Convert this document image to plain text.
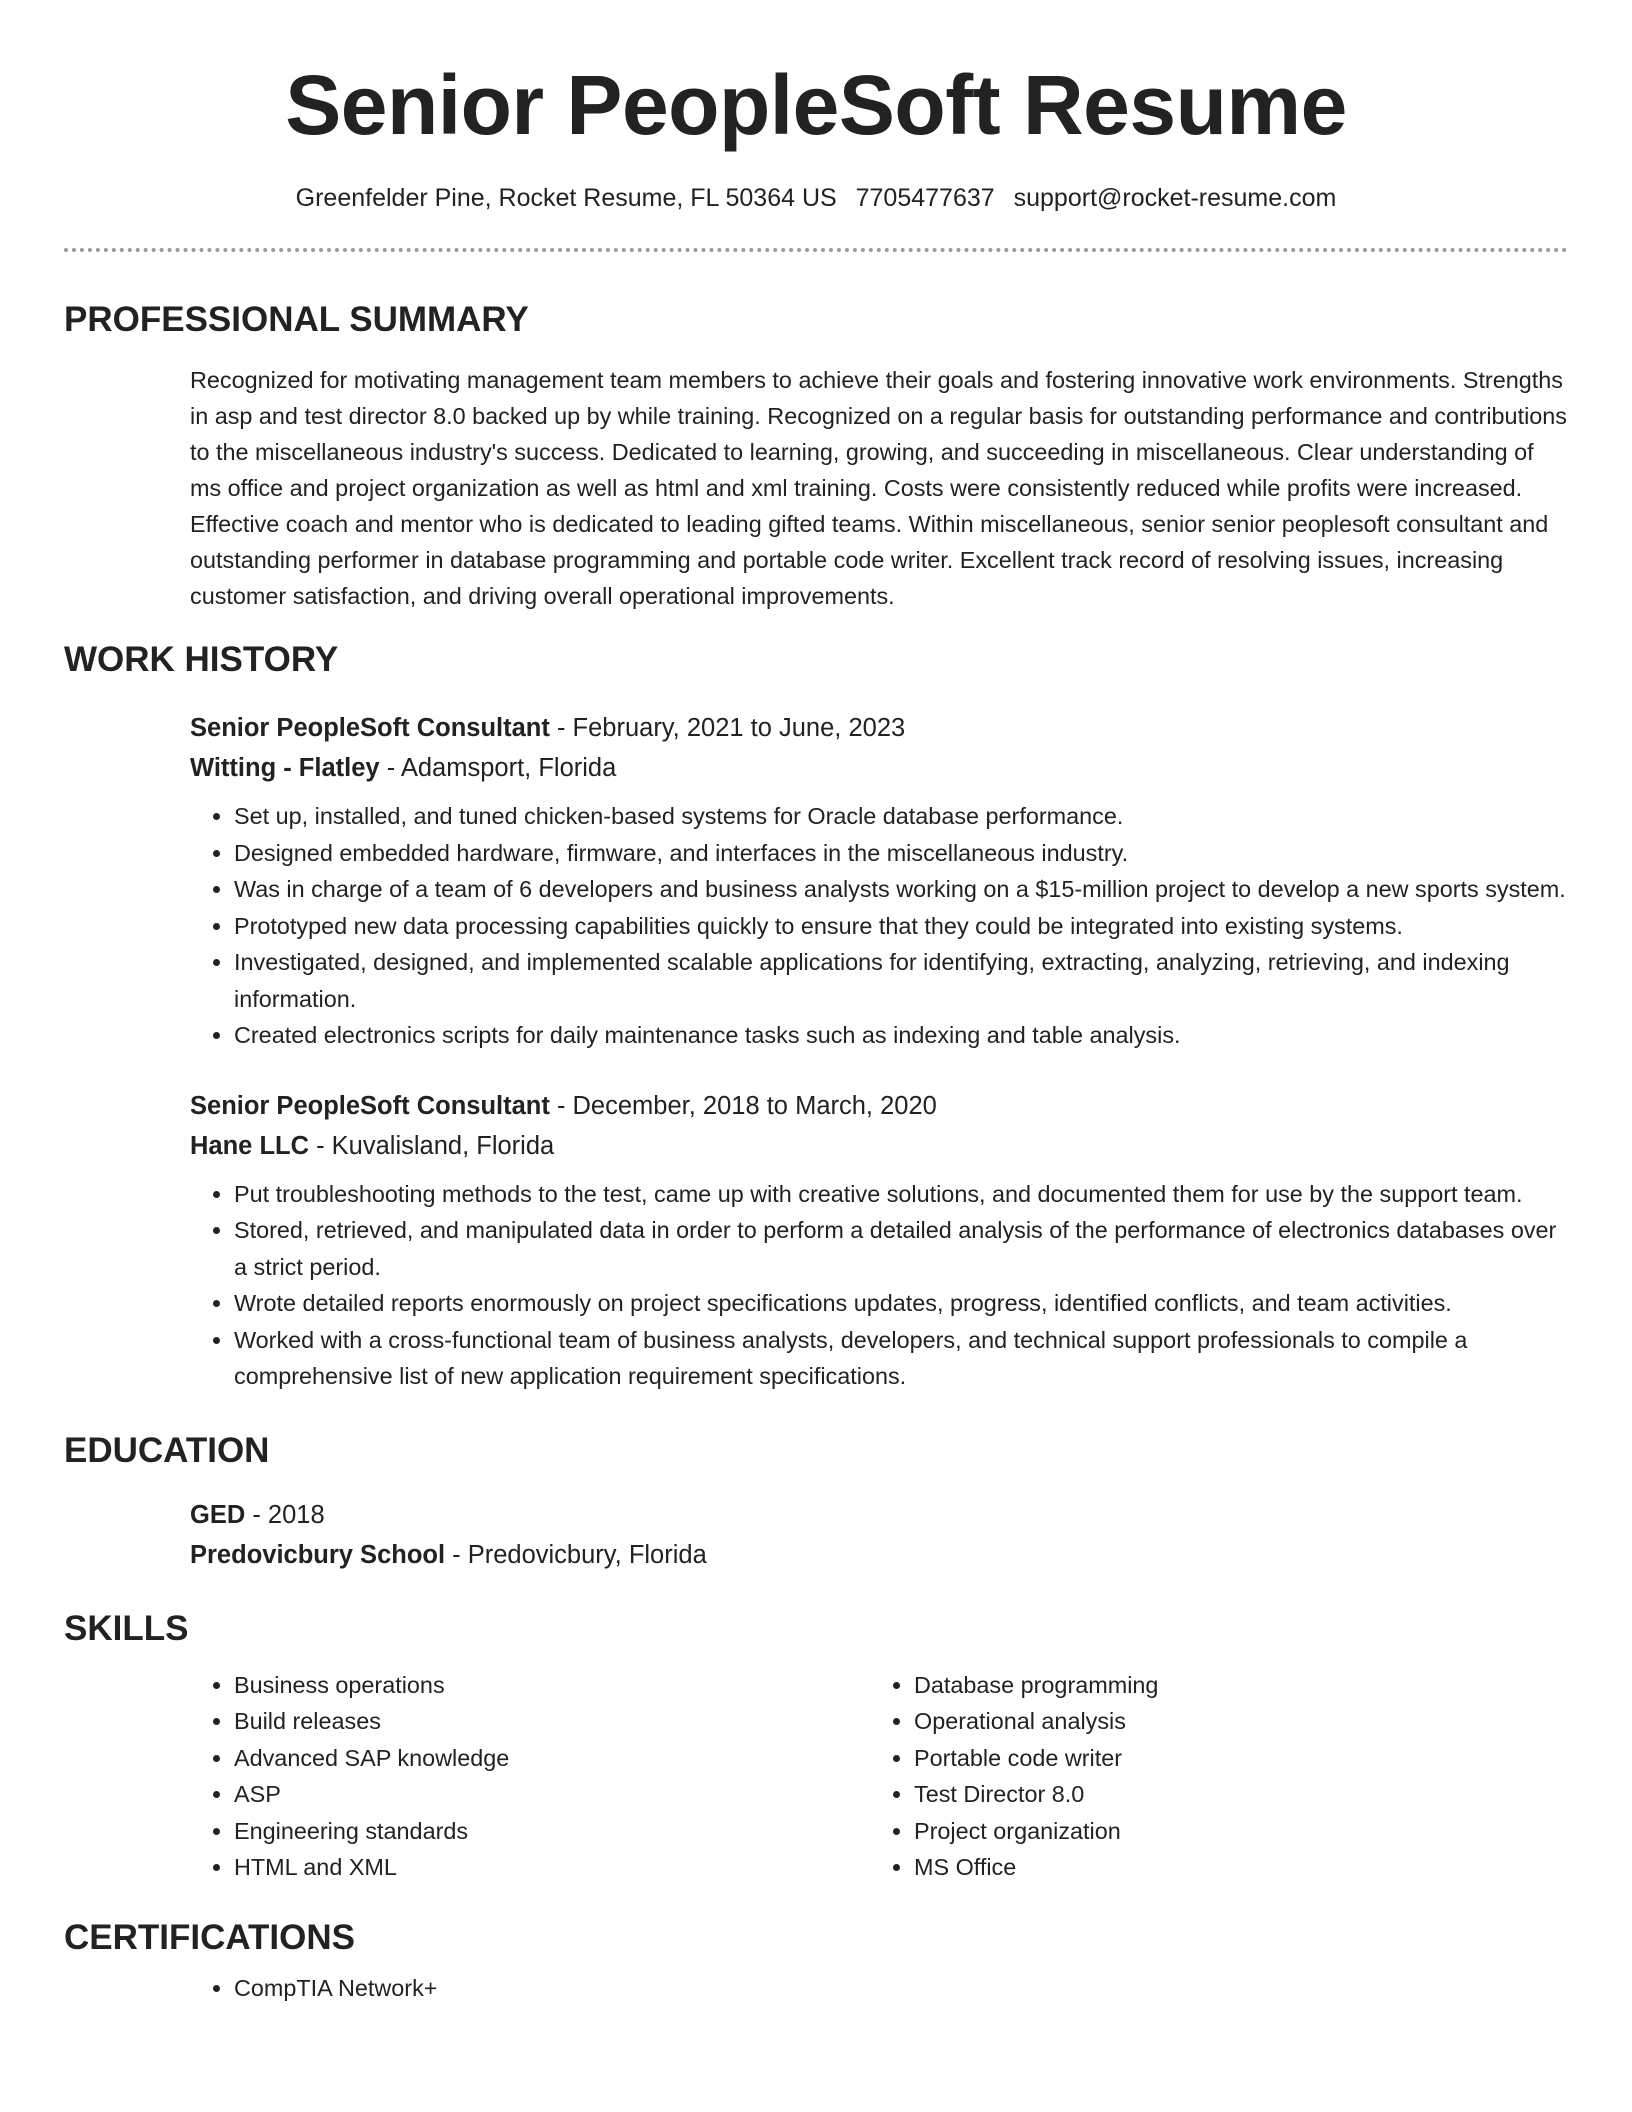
Senior PeopleSoft Resume
Greenfelder Pine, Rocket Resume, FL 50364 US 7705477637 support@rocket-resume.com
PROFESSIONAL SUMMARY
Recognized for motivating management team members to achieve their goals and fostering innovative work environments. Strengths in asp and test director 8.0 backed up by while training. Recognized on a regular basis for outstanding performance and contributions to the miscellaneous industry's success. Dedicated to learning, growing, and succeeding in miscellaneous. Clear understanding of ms office and project organization as well as html and xml training. Costs were consistently reduced while profits were increased. Effective coach and mentor who is dedicated to leading gifted teams. Within miscellaneous, senior senior peoplesoft consultant and outstanding performer in database programming and portable code writer. Excellent track record of resolving issues, increasing customer satisfaction, and driving overall operational improvements.
WORK HISTORY
Senior PeopleSoft Consultant - February, 2021 to June, 2023
Witting - Flatley - Adamsport, Florida
• Set up, installed, and tuned chicken-based systems for Oracle database performance.
• Designed embedded hardware, firmware, and interfaces in the miscellaneous industry.
• Was in charge of a team of 6 developers and business analysts working on a $15-million project to develop a new sports system.
• Prototyped new data processing capabilities quickly to ensure that they could be integrated into existing systems.
• Investigated, designed, and implemented scalable applications for identifying, extracting, analyzing, retrieving, and indexing information.
• Created electronics scripts for daily maintenance tasks such as indexing and table analysis.
Senior PeopleSoft Consultant - December, 2018 to March, 2020
Hane LLC - Kuvalisland, Florida
• Put troubleshooting methods to the test, came up with creative solutions, and documented them for use by the support team.
• Stored, retrieved, and manipulated data in order to perform a detailed analysis of the performance of electronics databases over a strict period.
• Wrote detailed reports enormously on project specifications updates, progress, identified conflicts, and team activities.
• Worked with a cross-functional team of business analysts, developers, and technical support professionals to compile a comprehensive list of new application requirement specifications.
EDUCATION
GED - 2018
Predovicbury School - Predovicbury, Florida
SKILLS
• Business operations
• Build releases
• Advanced SAP knowledge
• ASP
• Engineering standards
• HTML and XML
• Database programming
• Operational analysis
• Portable code writer
• Test Director 8.0
• Project organization
• MS Office
CERTIFICATIONS
• CompTIA Network+
